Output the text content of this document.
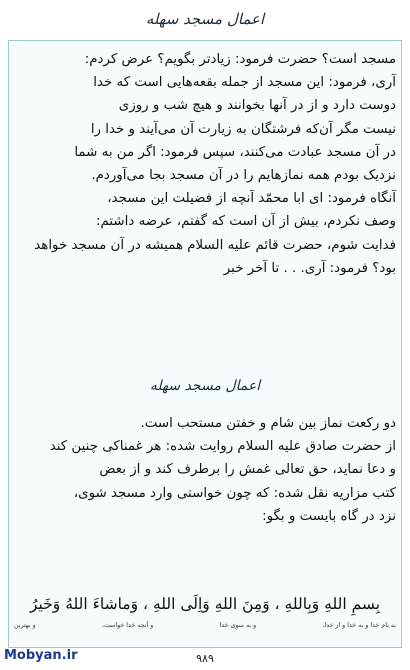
اعمال مسجد سهله
مسجد است؟ حضرت فرمود: زیادتر بگویم؟ عرض کردم:
آری، فرمود: این مسجد از جمله بقعه‌هایی است که خدا
دوست دارد و از در آنها بخوانند و هیچ شب و روزی
نیست مگر آن‌که فرشتگان به زیارت آن می‌آیند و خدا را
در آن مسجد عبادت می‌کنند، سپس فرمود: اگر من به شما
نزدیک بودم همه نمازهایم را در آن مسجد بجا می‌آوردم.
آنگاه فرمود: ای ابا محمّد آنچه از فضیلت این مسجد،
وصف نکردم، بیش از آن است که گفتم، عرضه داشتم:
فدایت شوم، حضرت قائم علیه السلام همیشه در آن مسجد خواهد
بود؟ فرمود: آری. . . تا آخر خبر
اعمال مسجد سهله
دو رکعت نماز بین شام و خفتن مستحب است.
از حضرت صادق علیه السلام روایت شده: هر غمناکی چنین کند
و دعا نماید، حق تعالی غمش را برطرف کند و از بعض
کتب مزاریه نقل شده: که چون خواستی وارد مسجد شوی،
نزد در گاه بایست و بگو:
بِسمِ اللهِ وَبِاللهِ ، وَمِنَ اللهِ وَاِلَى اللهِ ، وَماشاءَ اللهُ وَخَيرُ
به نام خدا و به خدا و از خدا،
و به سوی خدا
و آنچه خدا خواست،
و بهترین
Mobyan.ir	٩٨٩
